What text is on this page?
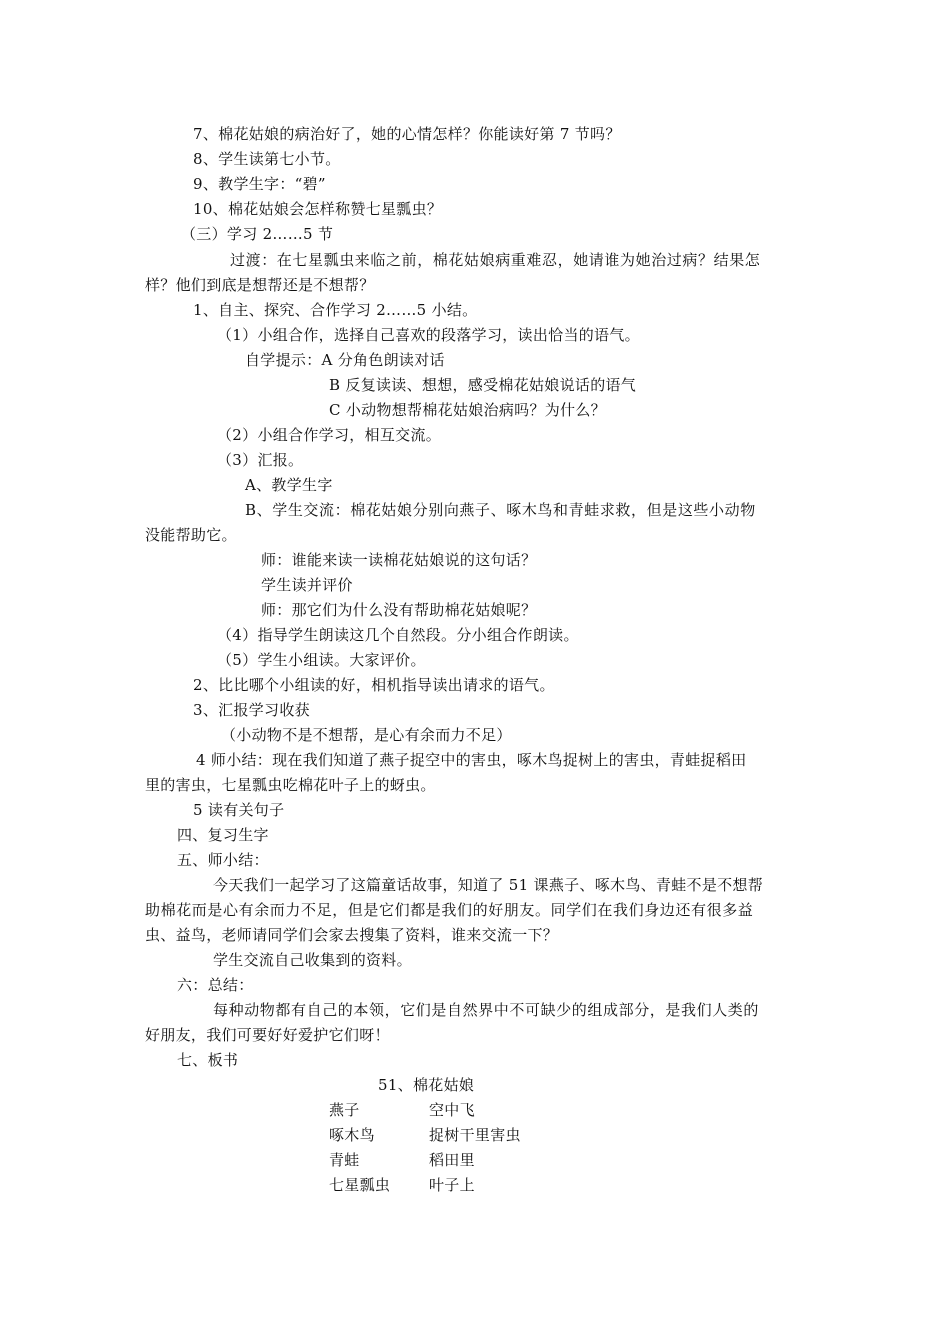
7、棉花姑娘的病治好了，她的心情怎样？你能读好第 7 节吗？
8、学生读第七小节。
9、教学生字：“碧”
10、棉花姑娘会怎样称赞七星瓢虫？
（三）学习 2……5 节
过渡：在七星瓢虫来临之前，棉花姑娘病重难忍，她请谁为她治过病？结果怎
样？他们到底是想帮还是不想帮？
1、自主、探究、合作学习 2……5 小结。
（1）小组合作，选择自己喜欢的段落学习，读出恰当的语气。
自学提示：A 分角色朗读对话
B 反复读读、想想，感受棉花姑娘说话的语气
C 小动物想帮棉花姑娘治病吗？为什么？
（2）小组合作学习，相互交流。
（3）汇报。
A、教学生字
B、学生交流：棉花姑娘分别向燕子、啄木鸟和青蛙求救，但是这些小动物
没能帮助它。
师：谁能来读一读棉花姑娘说的这句话？
学生读并评价
师：那它们为什么没有帮助棉花姑娘呢？
（4）指导学生朗读这几个自然段。分小组合作朗读。
（5）学生小组读。大家评价。
2、比比哪个小组读的好，相机指导读出请求的语气。
3、汇报学习收获
（小动物不是不想帮，是心有余而力不足）
4 师小结：现在我们知道了燕子捉空中的害虫，啄木鸟捉树上的害虫，青蛙捉稻田
里的害虫，七星瓢虫吃棉花叶子上的蚜虫。
5 读有关句子
四、复习生字
五、师小结：
今天我们一起学习了这篇童话故事，知道了 51 课燕子、啄木鸟、青蛙不是不想帮
助棉花而是心有余而力不足，但是它们都是我们的好朋友。同学们在我们身边还有很多益
虫、益鸟，老师请同学们会家去搜集了资料，谁来交流一下？
学生交流自己收集到的资料。
六：总结：
每种动物都有自己的本领，它们是自然界中不可缺少的组成部分，是我们人类的
好朋友，我们可要好好爱护它们呀！
七、板书
51、棉花姑娘
燕子	空中飞
啄木鸟	捉树干里害虫
青蛙	稻田里
七星瓢虫	叶子上
